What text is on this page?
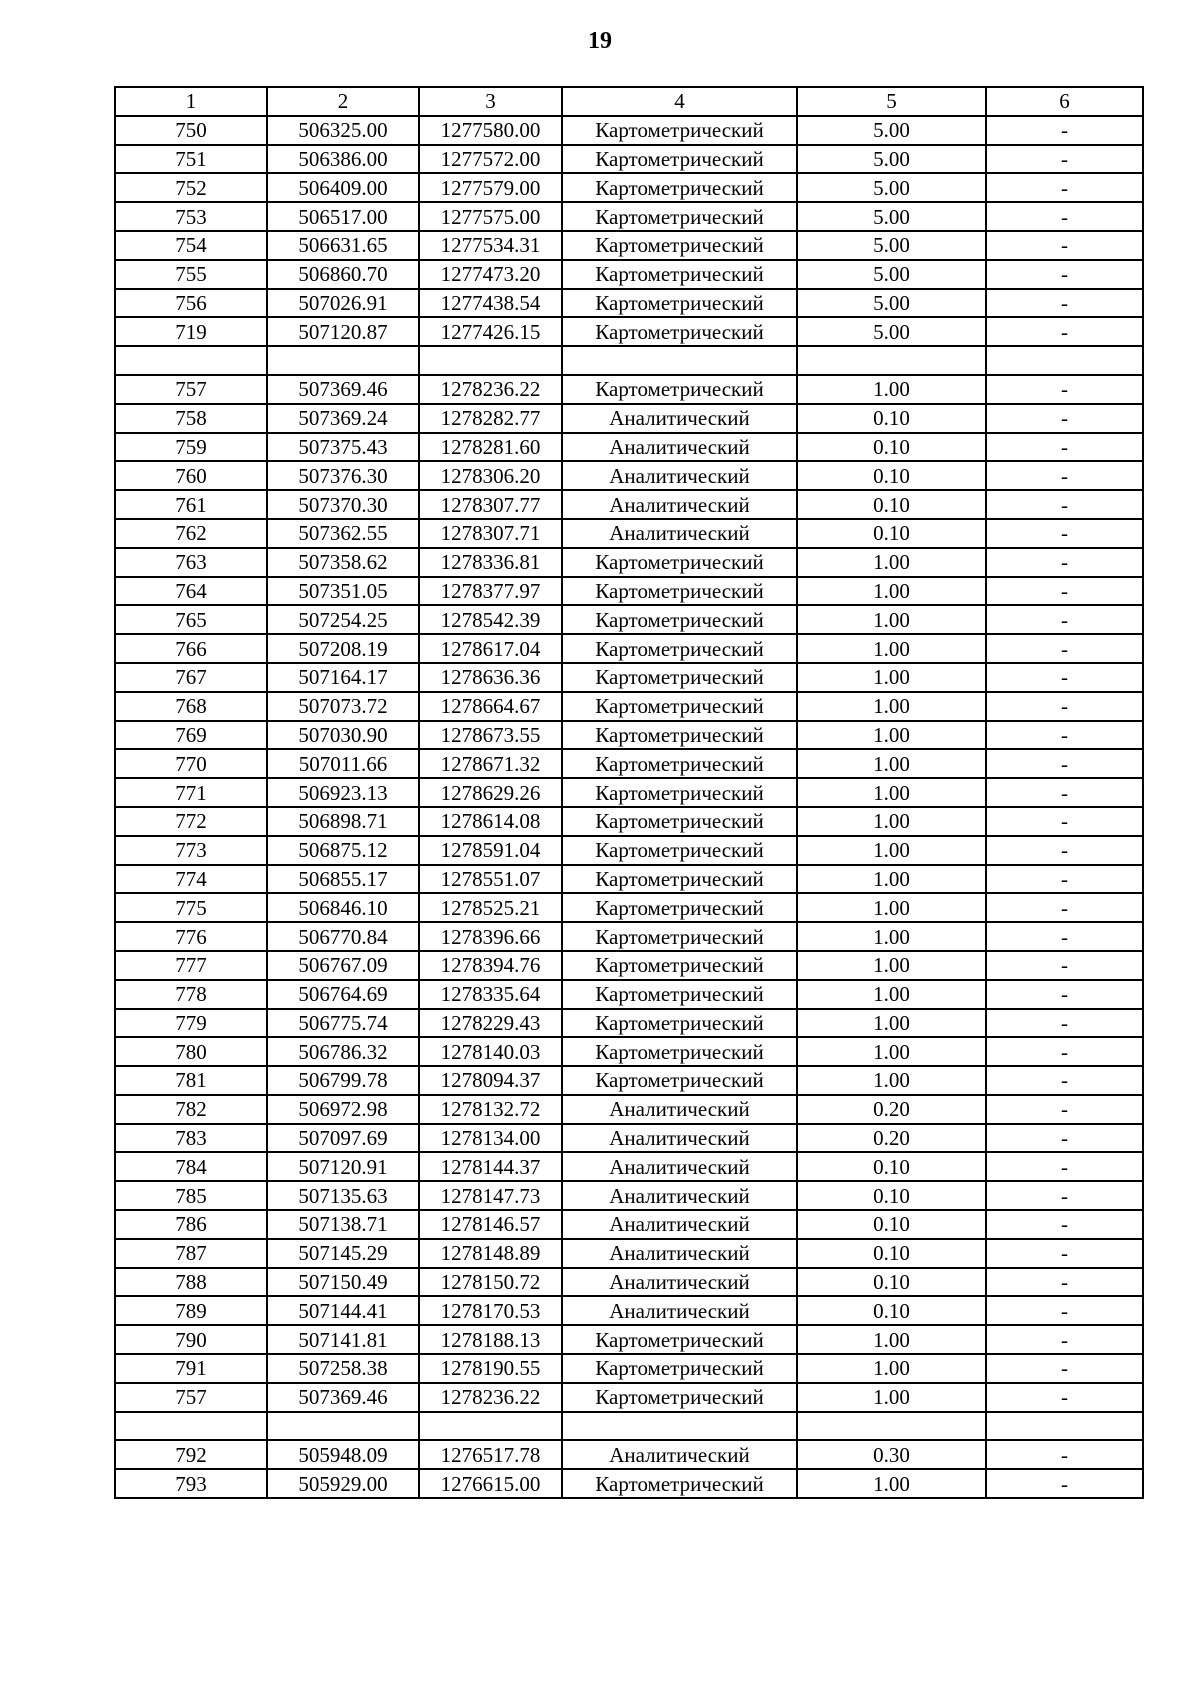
19
1	2	3	4	5	6
750	506325.00	1277580.00	Картометрический	5.00	-
751	506386.00	1277572.00	Картометрический	5.00	-
752	506409.00	1277579.00	Картометрический	5.00	-
753	506517.00	1277575.00	Картометрический	5.00	-
754	506631.65	1277534.31	Картометрический	5.00	-
755	506860.70	1277473.20	Картометрический	5.00	-
756	507026.91	1277438.54	Картометрический	5.00	-
719	507120.87	1277426.15	Картометрический	5.00	-

757	507369.46	1278236.22	Картометрический	1.00	-
758	507369.24	1278282.77	Аналитический	0.10	-
759	507375.43	1278281.60	Аналитический	0.10	-
760	507376.30	1278306.20	Аналитический	0.10	-
761	507370.30	1278307.77	Аналитический	0.10	-
762	507362.55	1278307.71	Аналитический	0.10	-
763	507358.62	1278336.81	Картометрический	1.00	-
764	507351.05	1278377.97	Картометрический	1.00	-
765	507254.25	1278542.39	Картометрический	1.00	-
766	507208.19	1278617.04	Картометрический	1.00	-
767	507164.17	1278636.36	Картометрический	1.00	-
768	507073.72	1278664.67	Картометрический	1.00	-
769	507030.90	1278673.55	Картометрический	1.00	-
770	507011.66	1278671.32	Картометрический	1.00	-
771	506923.13	1278629.26	Картометрический	1.00	-
772	506898.71	1278614.08	Картометрический	1.00	-
773	506875.12	1278591.04	Картометрический	1.00	-
774	506855.17	1278551.07	Картометрический	1.00	-
775	506846.10	1278525.21	Картометрический	1.00	-
776	506770.84	1278396.66	Картометрический	1.00	-
777	506767.09	1278394.76	Картометрический	1.00	-
778	506764.69	1278335.64	Картометрический	1.00	-
779	506775.74	1278229.43	Картометрический	1.00	-
780	506786.32	1278140.03	Картометрический	1.00	-
781	506799.78	1278094.37	Картометрический	1.00	-
782	506972.98	1278132.72	Аналитический	0.20	-
783	507097.69	1278134.00	Аналитический	0.20	-
784	507120.91	1278144.37	Аналитический	0.10	-
785	507135.63	1278147.73	Аналитический	0.10	-
786	507138.71	1278146.57	Аналитический	0.10	-
787	507145.29	1278148.89	Аналитический	0.10	-
788	507150.49	1278150.72	Аналитический	0.10	-
789	507144.41	1278170.53	Аналитический	0.10	-
790	507141.81	1278188.13	Картометрический	1.00	-
791	507258.38	1278190.55	Картометрический	1.00	-
757	507369.46	1278236.22	Картометрический	1.00	-

792	505948.09	1276517.78	Аналитический	0.30	-
793	505929.00	1276615.00	Картометрический	1.00	-
